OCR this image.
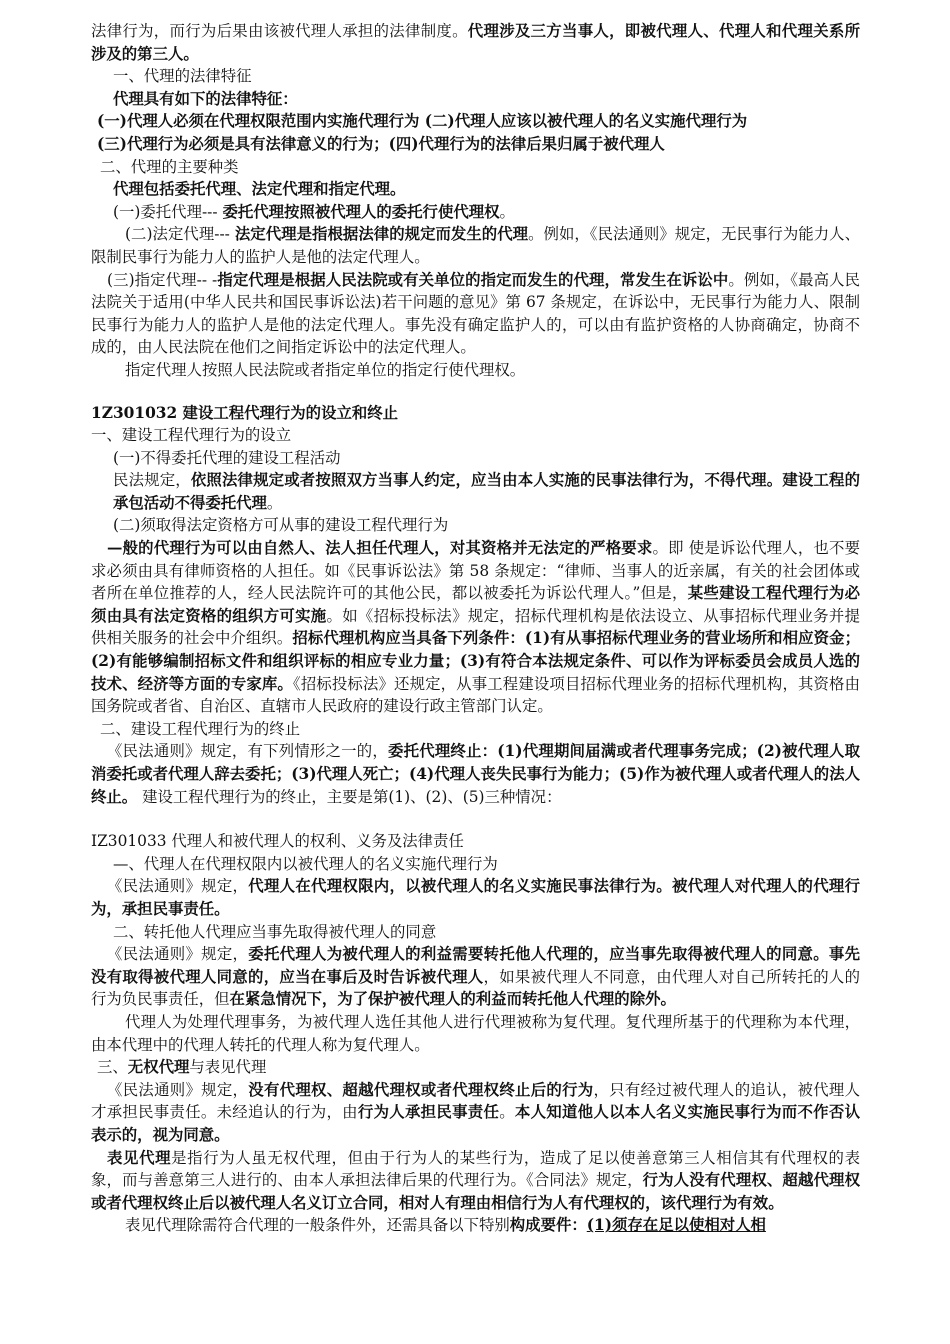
法律行为，而行为后果由该被代理人承担的法律制度。代理涉及三方当事人，即被代理人、代理人和代理关系所涉及的第三人。

一、代理的法律特征

代理具有如下的法律特征：

(一)代理人必须在代理权限范围内实施代理行为 (二)代理人应该以被代理人的名义实施代理行为

(三)代理行为必须是具有法律意义的行为；(四)代理行为的法律后果归属于被代理人

二、代理的主要种类

代理包括委托代理、法定代理和指定代理。

(一)委托代理--- 委托代理按照被代理人的委托行使代理权。

(二)法定代理--- 法定代理是指根据法律的规定而发生的代理。例如，《民法通则》规定，无民事行为能力人、限制民事行为能力人的监护人是他的法定代理人。

(三)指定代理-- -指定代理是根据人民法院或有关单位的指定而发生的代理，常发生在诉讼中。例如，《最高人民法院关于适用(中华人民共和国民事诉讼法)若干问题的意见》第 67 条规定，在诉讼中，无民事行为能力人、限制民事行为能力人的监护人是他的法定代理人。事先没有确定监护人的，可以由有监护资格的人协商确定，协商不成的，由人民法院在他们之间指定诉讼中的法定代理人。

指定代理人按照人民法院或者指定单位的指定行使代理权。

1Z301032 建设工程代理行为的设立和终止

一、建设工程代理行为的设立

(一)不得委托代理的建设工程活动

民法规定，依照法律规定或者按照双方当事人约定，应当由本人实施的民事法律行为，不得代理。建设工程的承包活动不得委托代理。

(二)须取得法定资格方可从事的建设工程代理行为

—般的代理行为可以由自然人、法人担任代理人，对其资格并无法定的严格要求。即 使是诉讼代理人，也不要求必须由具有律师资格的人担任。如《民事诉讼法》第 58 条规定：“律师、当事人的近亲属，有关的社会团体或者所在单位推荐的人，经人民法院许可的其他公民，都以被委托为诉讼代理人。”但是，某些建设工程代理行为必须由具有法定资格的组织方可实施。如《招标投标法》规定，招标代理机构是依法设立、从事招标代理业务并提供相关服务的社会中介组织。招标代理机构应当具备下列条件：(1)有从事招标代理业务的营业场所和相应资金；(2)有能够编制招标文件和组织评标的相应专业力量；(3)有符合本法规定条件、可以作为评标委员会成员人选的技术、经济等方面的专家库。《招标投标法》还规定，从事工程建设项目招标代理业务的招标代理机构，其资格由国务院或者省、自治区、直辖市人民政府的建设行政主管部门认定。

二、建设工程代理行为的终止

《民法通则》规定，有下列情形之一的，委托代理终止：(1)代理期间届满或者代理事务完成；(2)被代理人取消委托或者代理人辞去委托；(3)代理人死亡；(4)代理人丧失民事行为能力；(5)作为被代理人或者代理人的法人终止。 建设工程代理行为的终止，主要是第(1)、(2)、(5)三种情况：

IZ301033 代理人和被代理人的权利、义务及法律责任

—、代理人在代理权限内以被代理人的名义实施代理行为

《民法通则》规定，代理人在代理权限内，以被代理人的名义实施民事法律行为。被代理人对代理人的代理行为，承担民事责任。

二、转托他人代理应当事先取得被代理人的同意

《民法通则》规定，委托代理人为被代理人的利益需要转托他人代理的，应当事先取得被代理人的同意。事先没有取得被代理人同意的，应当在事后及时告诉被代理人，如果被代理人不同意，由代理人对自己所转托的人的行为负民事责任，但在紧急情况下，为了保护被代理人的利益而转托他人代理的除外。

代理人为处理代理事务，为被代理人选任其他人进行代理被称为复代理。复代理所基于的代理称为本代理，由本代理中的代理人转托的代理人称为复代理人。

三、无权代理与表见代理

《民法通则》规定，没有代理权、超越代理权或者代理权终止后的行为，只有经过被代理人的追认，被代理人才承担民事责任。未经追认的行为，由行为人承担民事责任。本人知道他人以本人名义实施民事行为而不作否认表示的，视为同意。

表见代理是指行为人虽无权代理，但由于行为人的某些行为，造成了足以使善意第三人相信其有代理权的表象，而与善意第三人进行的、由本人承担法律后果的代理行为。《合同法》规定，行为人没有代理权、超越代理权或者代理权终止后以被代理人名义订立合同，相对人有理由相信行为人有代理权的，该代理行为有效。

表见代理除需符合代理的一般条件外，还需具备以下特别构成要件：(1)须存在足以使相对人相
